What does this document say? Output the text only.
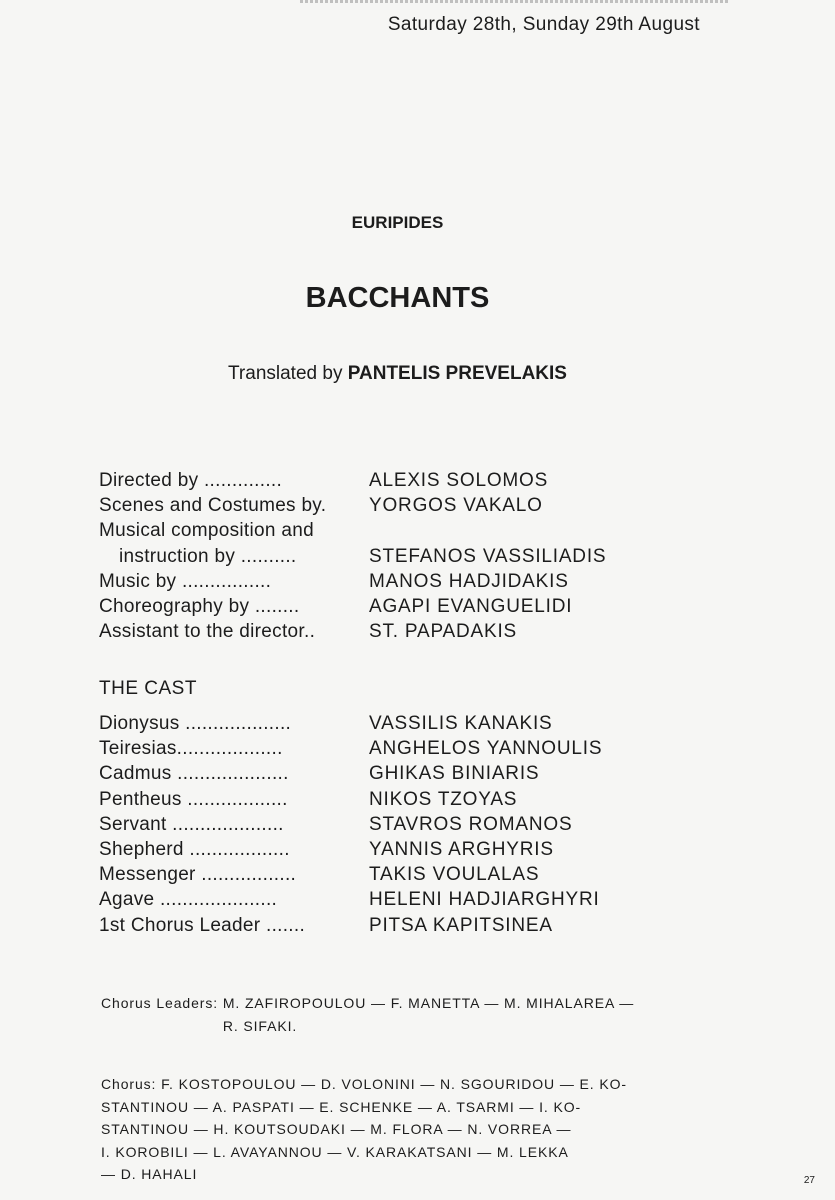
Saturday 28th, Sunday 29th August
EURIPIDES
BACCHANTS
Translated by PANTELIS PREVELAKIS
Directed by ..............	ALEXIS SOLOMOS
Scenes and Costumes by.	YORGOS VAKALO
Musical composition and
instruction by ..........	STEFANOS VASSILIADIS
Music by ................	MANOS HADJIDAKIS
Choreography by ........	AGAPI EVANGUELIDI
Assistant to the director..	ST. PAPADAKIS
THE CAST
Dionysus ...................	VASSILIS KANAKIS
Teiresias...................	ANGHELOS YANNOULIS
Cadmus ....................	GHIKAS BINIARIS
Pentheus ..................	NIKOS TZOYAS
Servant ....................	STAVROS ROMANOS
Shepherd ..................	YANNIS ARGHYRIS
Messenger .................	TAKIS VOULALAS
Agave .....................	HELENI HADJIARGHYRI
1st Chorus Leader .......	PITSA KAPITSINEA
Chorus Leaders: M. ZAFIROPOULOU — F. MANETTA — M. MIHALAREA —
R. SIFAKI.
Chorus: F. KOSTOPOULOU — D. VOLONINI — N. SGOURIDOU — E. KO-
STANTINOU — A. PASPATI — E. SCHENKE — A. TSARMI — I. KO-
STANTINOU — H. KOUTSOUDAKI — M. FLORA — N. VORREA —
I. KOROBILI — L. AVAYANNOU — V. KARAKATSANI — M. LEKKA
— D. HAHALI	27
